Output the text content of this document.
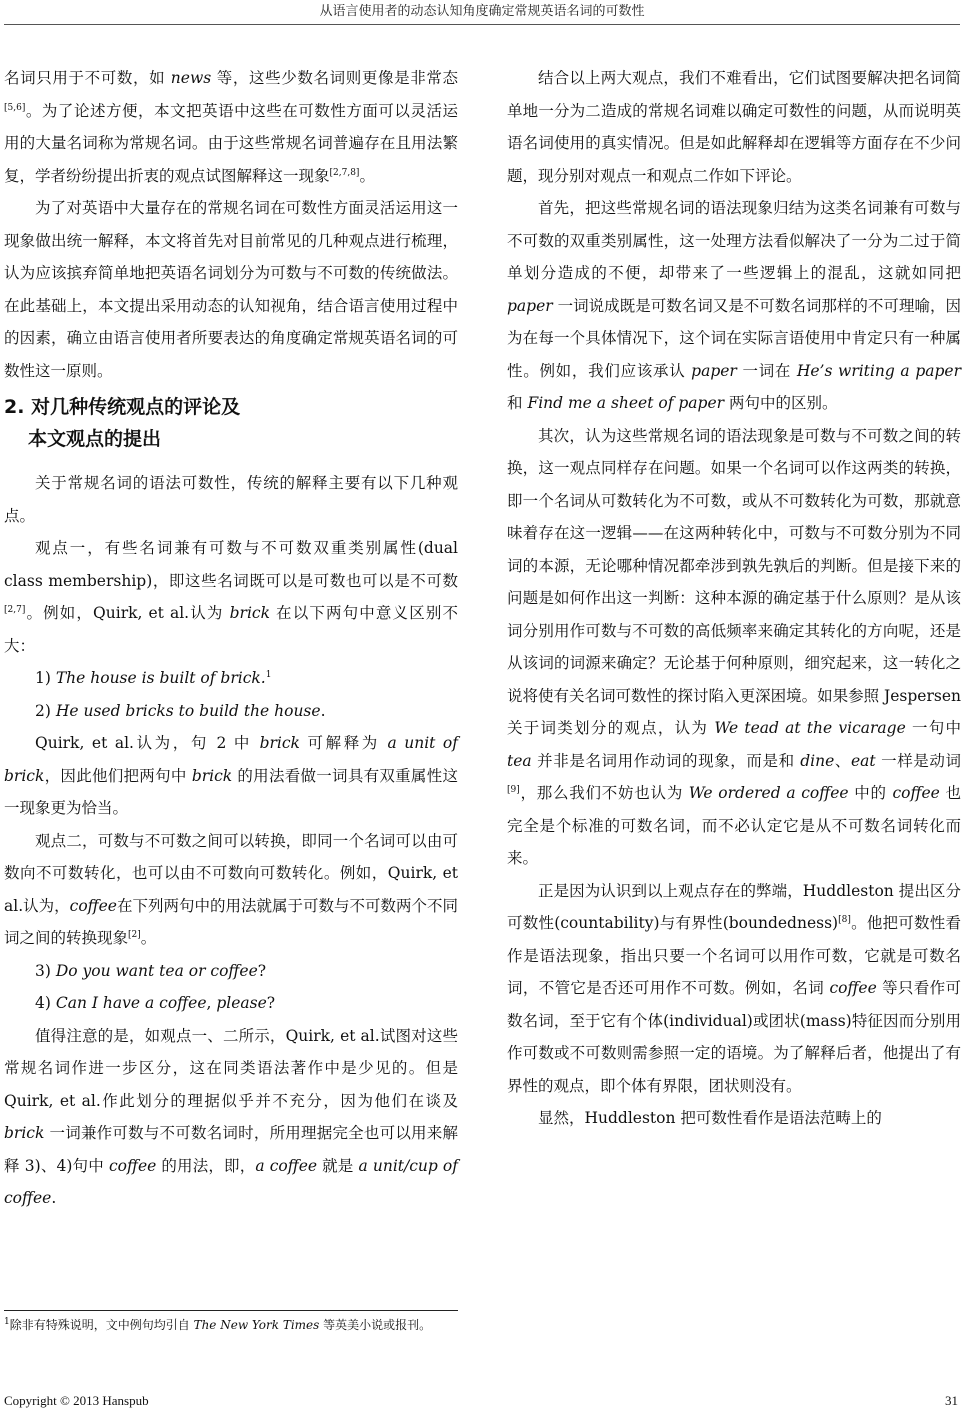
从语言使用者的动态认知角度确定常规英语名词的可数性

名词只用于不可数，如 news 等，这些少数名词则更像是非常态[5,6]。为了论述方便，本文把英语中这些在可数性方面可以灵活运用的大量名词称为常规名词。由于这些常规名词普遍存在且用法繁复，学者纷纷提出折衷的观点试图解释这一现象[2,7,8]。

为了对英语中大量存在的常规名词在可数性方面灵活运用这一现象做出统一解释，本文将首先对目前常见的几种观点进行梳理，认为应该摈弃简单地把英语名词划分为可数与不可数的传统做法。在此基础上，本文提出采用动态的认知视角，结合语言使用过程中的因素，确立由语言使用者所要表达的角度确定常规英语名词的可数性这一原则。

2. 对几种传统观点的评论及
本文观点的提出

关于常规名词的语法可数性，传统的解释主要有以下几种观点。

观点一，有些名词兼有可数与不可数双重类别属性(dual class membership)，即这些名词既可以是可数也可以是不可数[2,7]。例如，Quirk, et al.认为 brick 在以下两句中意义区别不大：

1) The house is built of brick.$^1$

2) He used bricks to build the house.

Quirk, et al.认为，句 2 中 brick 可解释为 a unit of brick，因此他们把两句中 brick 的用法看做一词具有双重属性这一现象更为恰当。

观点二，可数与不可数之间可以转换，即同一个名词可以由可数向不可数转化，也可以由不可数向可数转化。例如，Quirk, et al.认为，coffee在下列两句中的用法就属于可数与不可数两个不同词之间的转换现象[2]。

3) Do you want tea or coffee?

4) Can I have a coffee, please?

值得注意的是，如观点一、二所示，Quirk, et al.试图对这些常规名词作进一步区分，这在同类语法著作中是少见的。但是 Quirk, et al.作此划分的理据似乎并不充分，因为他们在谈及 brick 一词兼作可数与不可数名词时，所用理据完全也可以用来解释 3)、4)句中 coffee 的用法，即，a coffee 就是 a unit/cup of coffee.

$^1$除非有特殊说明，文中例句均引自 The New York Times 等英美小说或报刊。

结合以上两大观点，我们不难看出，它们试图要解决把名词简单地一分为二造成的常规名词难以确定可数性的问题，从而说明英语名词使用的真实情况。但是如此解释却在逻辑等方面存在不少问题，现分别对观点一和观点二作如下评论。

首先，把这些常规名词的语法现象归结为这类名词兼有可数与不可数的双重类别属性，这一处理方法看似解决了一分为二过于简单划分造成的不便，却带来了一些逻辑上的混乱，这就如同把 paper 一词说成既是可数名词又是不可数名词那样的不可理喻，因为在每一个具体情况下，这个词在实际言语使用中肯定只有一种属性。例如，我们应该承认 paper 一词在 He’s writing a paper 和 Find me a sheet of paper 两句中的区别。

其次，认为这些常规名词的语法现象是可数与不可数之间的转换，这一观点同样存在问题。如果一个名词可以作这两类的转换，即一个名词从可数转化为不可数，或从不可数转化为可数，那就意味着存在这一逻辑——在这两种转化中，可数与不可数分别为不同词的本源，无论哪种情况都牵涉到孰先孰后的判断。但是接下来的问题是如何作出这一判断：这种本源的确定基于什么原则？是从该词分别用作可数与不可数的高低频率来确定其转化的方向呢，还是从该词的词源来确定？无论基于何种原则，细究起来，这一转化之说将使有关名词可数性的探讨陷入更深困境。如果参照 Jespersen 关于词类划分的观点，认为 We tead at the vicarage 一句中 tea 并非是名词用作动词的现象，而是和 dine、eat 一样是动词[9]，那么我们不妨也认为 We ordered a coffee 中的 coffee 也完全是个标准的可数名词，而不必认定它是从不可数名词转化而来。

正是因为认识到以上观点存在的弊端，Huddleston 提出区分可数性(countability)与有界性(boundedness)[8]。他把可数性看作是语法现象，指出只要一个名词可以用作可数，它就是可数名词，不管它是否还可用作不可数。例如，名词 coffee 等只看作可数名词，至于它有个体(individual)或团状(mass)特征因而分别用作可数或不可数则需参照一定的语境。为了解释后者，他提出了有界性的观点，即个体有界限，团状则没有。

显然，Huddleston 把可数性看作是语法范畴上的

Copyright © 2013 Hanspub	31
